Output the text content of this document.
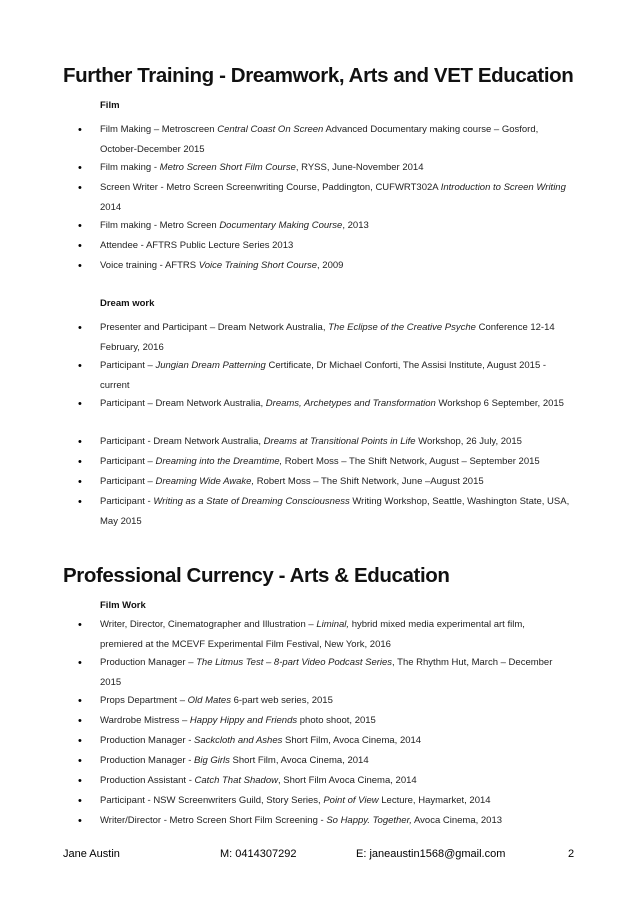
Further Training - Dreamwork, Arts and VET Education

Film

• Film Making – Metroscreen Central Coast On Screen Advanced Documentary making course – Gosford, October-December 2015
• Film making - Metro Screen Short Film Course, RYSS, June-November 2014
• Screen Writer - Metro Screen Screenwriting Course, Paddington, CUFWRT302A Introduction to Screen Writing 2014
• Film making - Metro Screen Documentary Making Course, 2013
• Attendee - AFTRS Public Lecture Series 2013
• Voice training - AFTRS Voice Training Short Course, 2009

Dream work

• Presenter and Participant – Dream Network Australia, The Eclipse of the Creative Psyche Conference 12-14 February, 2016
• Participant – Jungian Dream Patterning Certificate, Dr Michael Conforti, The Assisi Institute, August 2015 - current
• Participant – Dream Network Australia, Dreams, Archetypes and Transformation Workshop 6 September, 2015
• Participant - Dream Network Australia, Dreams at Transitional Points in Life Workshop, 26 July, 2015
• Participant – Dreaming into the Dreamtime, Robert Moss – The Shift Network, August – September 2015
• Participant – Dreaming Wide Awake, Robert Moss – The Shift Network, June –August 2015
• Participant - Writing as a State of Dreaming Consciousness Writing Workshop, Seattle, Washington State, USA, May 2015
Professional Currency - Arts & Education

Film Work

• Writer, Director, Cinematographer and Illustration – Liminal, hybrid mixed media experimental art film, premiered at the MCEVF Experimental Film Festival, New York, 2016
• Production Manager – The Litmus Test – 8-part Video Podcast Series, The Rhythm Hut, March – December 2015
• Props Department – Old Mates 6-part web series, 2015
• Wardrobe Mistress – Happy Hippy and Friends photo shoot, 2015
• Production Manager - Sackcloth and Ashes Short Film, Avoca Cinema, 2014
• Production Manager - Big Girls Short Film, Avoca Cinema, 2014
• Production Assistant - Catch That Shadow, Short Film Avoca Cinema, 2014
• Participant - NSW Screenwriters Guild, Story Series, Point of View Lecture, Haymarket, 2014
• Writer/Director - Metro Screen Short Film Screening - So Happy. Together, Avoca Cinema, 2013
Jane Austin	M: 0414307292	E: janeaustin1568@gmail.com	2
